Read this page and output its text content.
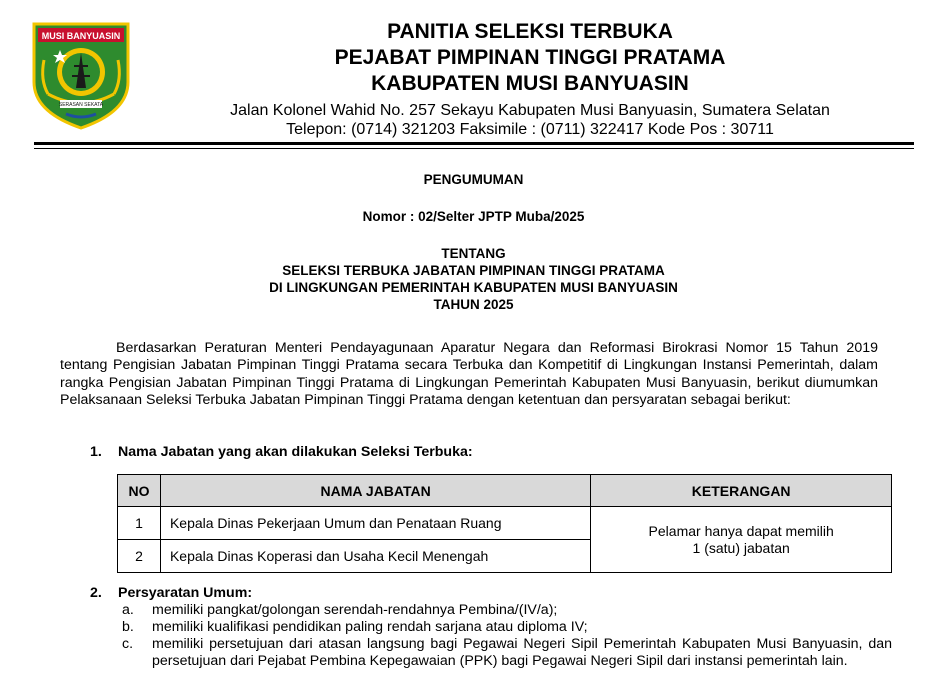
MUSI BANYUASIN
SERASAN SEKATA
PANITIA SELEKSI TERBUKA
PEJABAT PIMPINAN TINGGI PRATAMA
KABUPATEN MUSI BANYUASIN
Jalan Kolonel Wahid No. 257 Sekayu Kabupaten Musi Banyuasin, Sumatera Selatan
Telepon: (0714) 321203 Faksimile : (0711) 322417 Kode Pos : 30711
PENGUMUMAN
Nomor : 02/Selter JPTP Muba/2025
TENTANG
SELEKSI TERBUKA JABATAN PIMPINAN TINGGI PRATAMA
DI LINGKUNGAN PEMERINTAH KABUPATEN MUSI BANYUASIN
TAHUN 2025
Berdasarkan Peraturan Menteri Pendayagunaan Aparatur Negara dan Reformasi Birokrasi Nomor 15 Tahun 2019 tentang Pengisian Jabatan Pimpinan Tinggi Pratama secara Terbuka dan Kompetitif di Lingkungan Instansi Pemerintah, dalam rangka Pengisian Jabatan Pimpinan Tinggi Pratama di Lingkungan Pemerintah Kabupaten Musi Banyuasin, berikut diumumkan Pelaksanaan Seleksi Terbuka Jabatan Pimpinan Tinggi Pratama dengan ketentuan dan persyaratan sebagai berikut:
1. Nama Jabatan yang akan dilakukan Seleksi Terbuka:
NO	NAMA JABATAN	KETERANGAN
1	Kepala Dinas Pekerjaan Umum dan Penataan Ruang	Pelamar hanya dapat memilih
1 (satu) jabatan

2	Kepala Dinas Koperasi dan Usaha Kecil Menengah	
2. Persyaratan Umum:
a. memiliki pangkat/golongan serendah-rendahnya Pembina/(IV/a);
b. memiliki kualifikasi pendidikan paling rendah sarjana atau diploma IV;
c. memiliki persetujuan dari atasan langsung bagi Pegawai Negeri Sipil Pemerintah Kabupaten Musi Banyuasin, dan persetujuan dari Pejabat Pembina Kepegawaian (PPK) bagi Pegawai Negeri Sipil dari instansi pemerintah lain.
